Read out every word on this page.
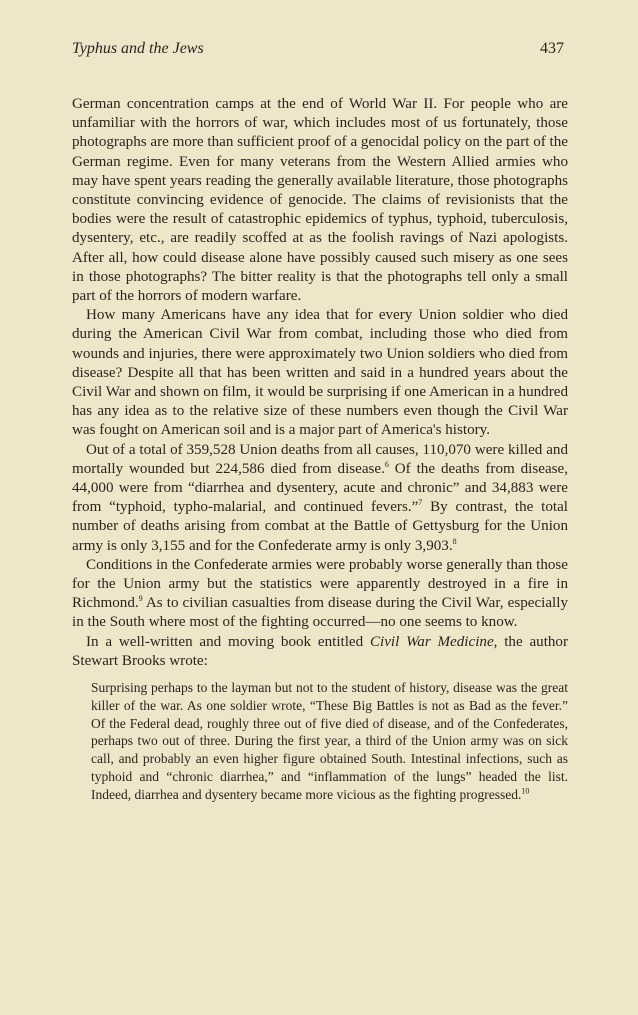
Typhus and the Jews	437

German concentration camps at the end of World War II. For people who are unfamiliar with the horrors of war, which includes most of us fortunately, those photographs are more than sufficient proof of a genocidal policy on the part of the German regime. Even for many veterans from the Western Allied armies who may have spent years reading the generally available literature, those photographs constitute convincing evidence of genocide. The claims of revisionists that the bodies were the result of catastrophic epidemics of typhus, typhoid, tuberculosis, dysentery, etc., are readily scoffed at as the foolish ravings of Nazi apologists. After all, how could disease alone have possibly caused such misery as one sees in those photographs? The bitter reality is that the photographs tell only a small part of the horrors of modern warfare.

How many Americans have any idea that for every Union soldier who died during the American Civil War from combat, including those who died from wounds and injuries, there were approximately two Union soldiers who died from disease? Despite all that has been written and said in a hundred years about the Civil War and shown on film, it would be surprising if one American in a hundred has any idea as to the relative size of these numbers even though the Civil War was fought on American soil and is a major part of America's history.

Out of a total of 359,528 Union deaths from all causes, 110,070 were killed and mortally wounded but 224,586 died from disease.$^6$ Of the deaths from disease, 44,000 were from “diarrhea and dysentery, acute and chronic” and 34,883 were from “typhoid, typho-malarial, and continued fevers.”$^7$ By contrast, the total number of deaths arising from combat at the Battle of Gettysburg for the Union army is only 3,155 and for the Confederate army is only 3,903.$^8$

Conditions in the Confederate armies were probably worse generally than those for the Union army but the statistics were apparently destroyed in a fire in Richmond.$^9$ As to civilian casualties from disease during the Civil War, especially in the South where most of the fighting occurred—no one seems to know.

In a well-written and moving book entitled Civil War Medicine, the author Stewart Brooks wrote:

Surprising perhaps to the layman but not to the student of history, disease was the great killer of the war. As one soldier wrote, “These Big Battles is not as Bad as the fever.” Of the Federal dead, roughly three out of five died of disease, and of the Confederates, perhaps two out of three. During the first year, a third of the Union army was on sick call, and probably an even higher figure obtained South. Intestinal infections, such as typhoid and “chronic diarrhea,” and “inflammation of the lungs” headed the list. Indeed, diarrhea and dysentery became more vicious as the fighting progressed.$^{10}$
